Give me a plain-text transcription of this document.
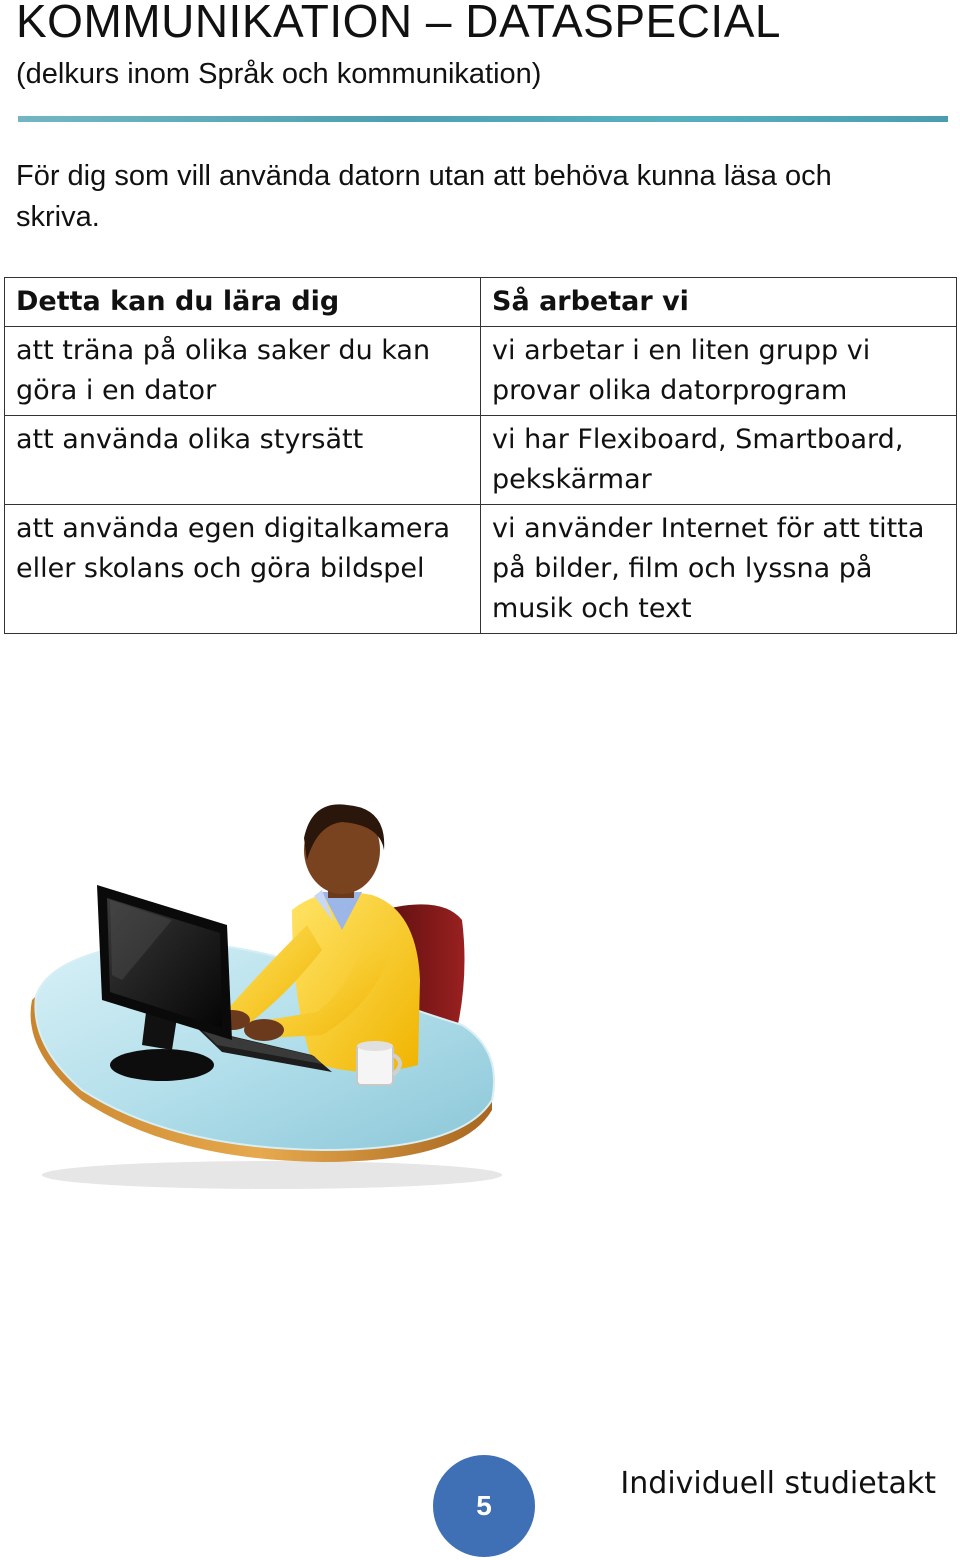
KOMMUNIKATION – DATASPECIAL

(delkurs inom Språk och kommunikation)

För dig som vill använda datorn utan att behöva kunna läsa och skriva.

Detta kan du lära dig	Så arbetar vi
att träna på olika saker du kan göra i en dator	vi arbetar i en liten grupp vi provar olika datorprogram
att använda olika styrsätt	vi har Flexiboard, Smartboard, pekskärmar
att använda egen digitalkamera eller skolans och göra bildspel	vi använder Internet för att titta på bilder, film och lyssna på musik och text
5

Individuell studietakt
